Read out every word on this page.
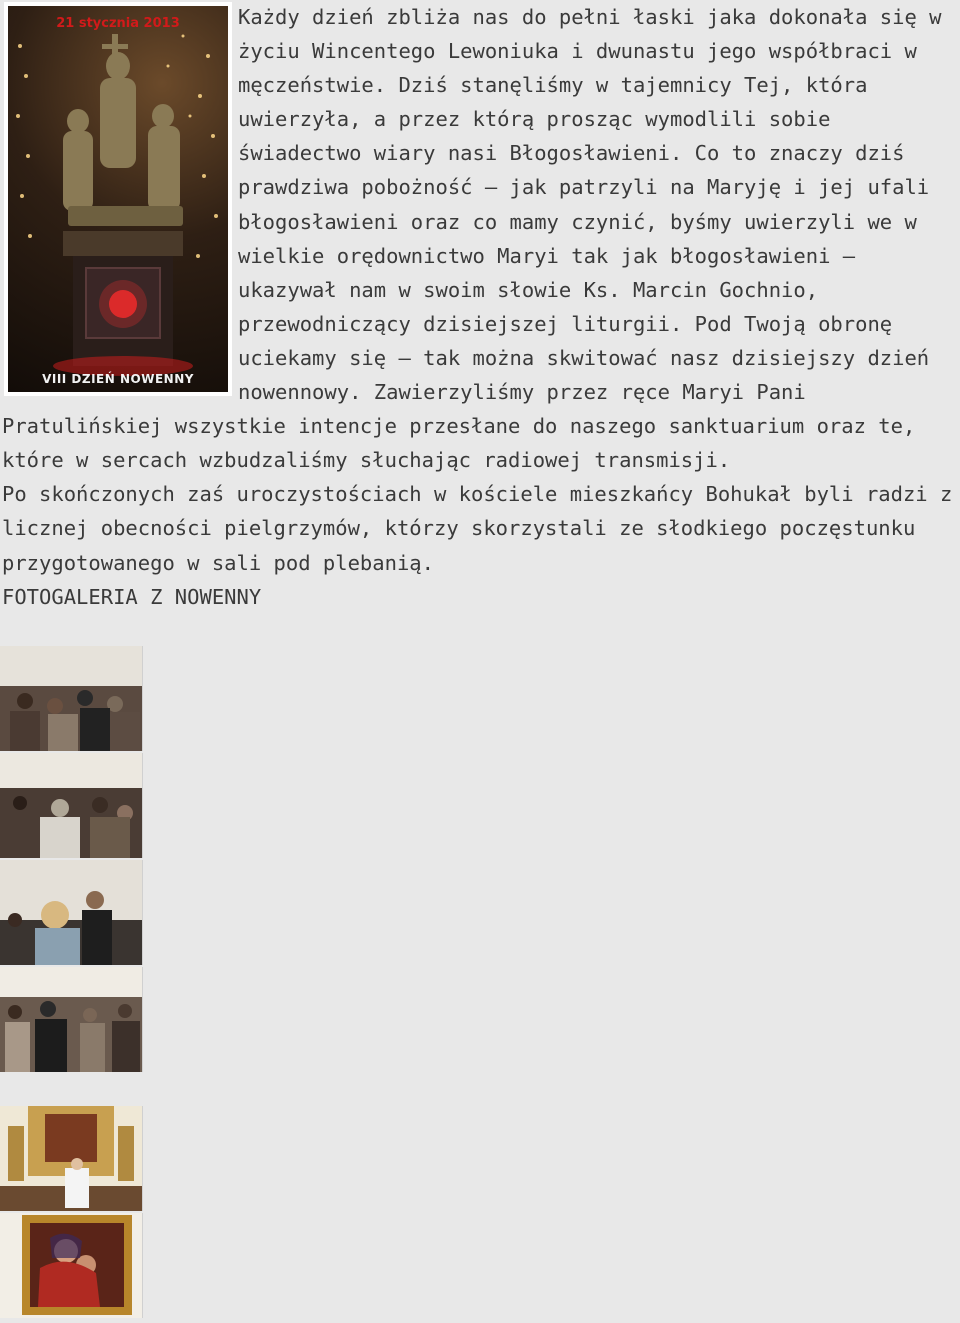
21 stycznia 2013
VIII DZIEŃ NOWENNY

Każdy dzień zbliża nas do pełni łaski jaka dokonała się w życiu Wincentego Lewoniuka i dwunastu jego współbraci w męczeństwie. Dziś stanęliśmy w tajemnicy Tej, która uwierzyła, a przez którą prosząc wymodlili sobie świadectwo wiary nasi Błogosławieni. Co to znaczy dziś prawdziwa pobożność – jak patrzyli na Maryję i jej ufali błogosławieni oraz co mamy czynić, byśmy uwierzyli we w wielkie orędownictwo Maryi tak jak błogosławieni – ukazywał nam w swoim słowie Ks. Marcin Gochnio, przewodniczący dzisiejszej liturgii. Pod Twoją obronę uciekamy się – tak można skwitować nasz dzisiejszy dzień nowennowy. Zawierzyliśmy przez ręce Maryi Pani Pratulińskiej wszystkie intencje przesłane do naszego sanktuarium oraz te, które w sercach wzbudzaliśmy słuchając radiowej transmisji.

Po skończonych zaś uroczystościach w kościele mieszkańcy Bohukał byli radzi z licznej obecności pielgrzymów, którzy skorzystali ze słodkiego poczęstunku przygotowanego w sali pod plebanią.

FOTOGALERIA Z NOWENNY
